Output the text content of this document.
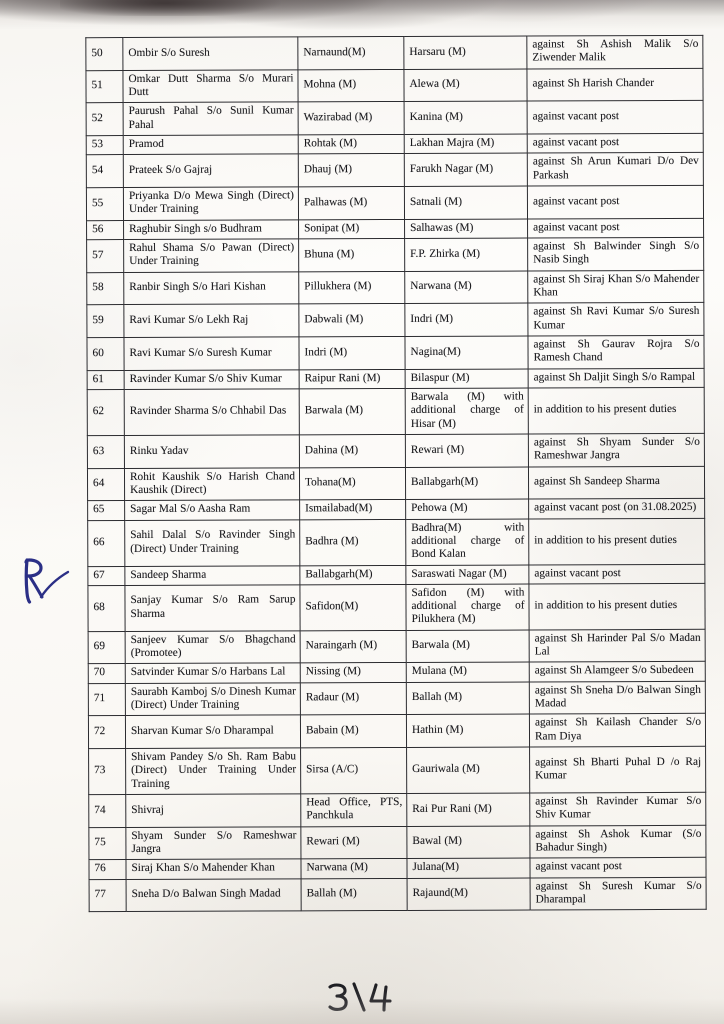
50	Ombir S/o Suresh	Narnaund(M)	Harsaru (M)	against Sh Ashish Malik S/o Ziwender Malik
51	Omkar Dutt Sharma S/o Murari Dutt	Mohna (M)	Alewa (M)	against Sh Harish Chander
52	Paurush Pahal S/o Sunil Kumar Pahal	Wazirabad (M)	Kanina (M)	against vacant post
53	Pramod	Rohtak (M)	Lakhan Majra (M)	against vacant post
54	Prateek S/o Gajraj	Dhauj (M)	Farukh Nagar (M)	against Sh Arun Kumari D/o Dev Parkash
55	Priyanka D/o Mewa Singh (Direct) Under Training	Palhawas (M)	Satnali (M)	against vacant post
56	Raghubir Singh s/o Budhram	Sonipat (M)	Salhawas (M)	against vacant post
57	Rahul Shama S/o Pawan (Direct) Under Training	Bhuna (M)	F.P. Zhirka (M)	against Sh Balwinder Singh S/o Nasib Singh
58	Ranbir Singh S/o Hari Kishan	Pillukhera (M)	Narwana (M)	against Sh Siraj Khan S/o Mahender Khan
59	Ravi Kumar S/o Lekh Raj	Dabwali (M)	Indri (M)	against Sh Ravi Kumar S/o Suresh Kumar
60	Ravi Kumar S/o Suresh Kumar	Indri (M)	Nagina(M)	against Sh Gaurav Rojra S/o Ramesh Chand
61	Ravinder Kumar S/o Shiv Kumar	Raipur Rani (M)	Bilaspur (M)	against Sh Daljit Singh S/o Rampal
62	Ravinder Sharma S/o Chhabil Das	Barwala (M)	Barwala (M) with additional charge of Hisar (M)	in addition to his present duties
63	Rinku Yadav	Dahina (M)	Rewari (M)	against Sh Shyam Sunder S/o Rameshwar Jangra
64	Rohit Kaushik S/o Harish Chand Kaushik (Direct)	Tohana(M)	Ballabgarh(M)	against Sh Sandeep Sharma
65	Sagar Mal S/o Aasha Ram	Ismailabad(M)	Pehowa (M)	against vacant post (on 31.08.2025)
66	Sahil Dalal S/o Ravinder Singh (Direct) Under Training	Badhra (M)	Badhra(M) with additional charge of Bond Kalan	in addition to his present duties
67	Sandeep Sharma	Ballabgarh(M)	Saraswati Nagar (M)	against vacant post
68	Sanjay Kumar S/o Ram Sarup Sharma	Safidon(M)	Safidon (M) with additional charge of Pilukhera (M)	in addition to his present duties
69	Sanjeev Kumar S/o Bhagchand (Promotee)	Naraingarh (M)	Barwala (M)	against Sh Harinder Pal S/o Madan Lal
70	Satvinder Kumar S/o Harbans Lal	Nissing (M)	Mulana (M)	against Sh Alamgeer S/o Subedeen
71	Saurabh Kamboj S/o Dinesh Kumar (Direct) Under Training	Radaur (M)	Ballah (M)	against Sh Sneha D/o Balwan Singh Madad
72	Sharvan Kumar S/o Dharampal	Babain (M)	Hathin (M)	against Sh Kailash Chander S/o Ram Diya
73	Shivam Pandey S/o Sh. Ram Babu (Direct) Under Training Under Training	Sirsa (A/C)	Gauriwala (M)	against Sh Bharti Puhal D /o Raj Kumar
74	Shivraj	Head Office, PTS, Panchkula	Rai Pur Rani (M)	against Sh Ravinder Kumar S/o Shiv Kumar
75	Shyam Sunder S/o Rameshwar Jangra	Rewari (M)	Bawal (M)	against Sh Ashok Kumar (S/o Bahadur Singh)
76	Siraj Khan S/o Mahender Khan	Narwana (M)	Julana(M)	against vacant post
77	Sneha D/o Balwan Singh Madad	Ballah (M)	Rajaund(M)	against Sh Suresh Kumar S/o Dharampal
